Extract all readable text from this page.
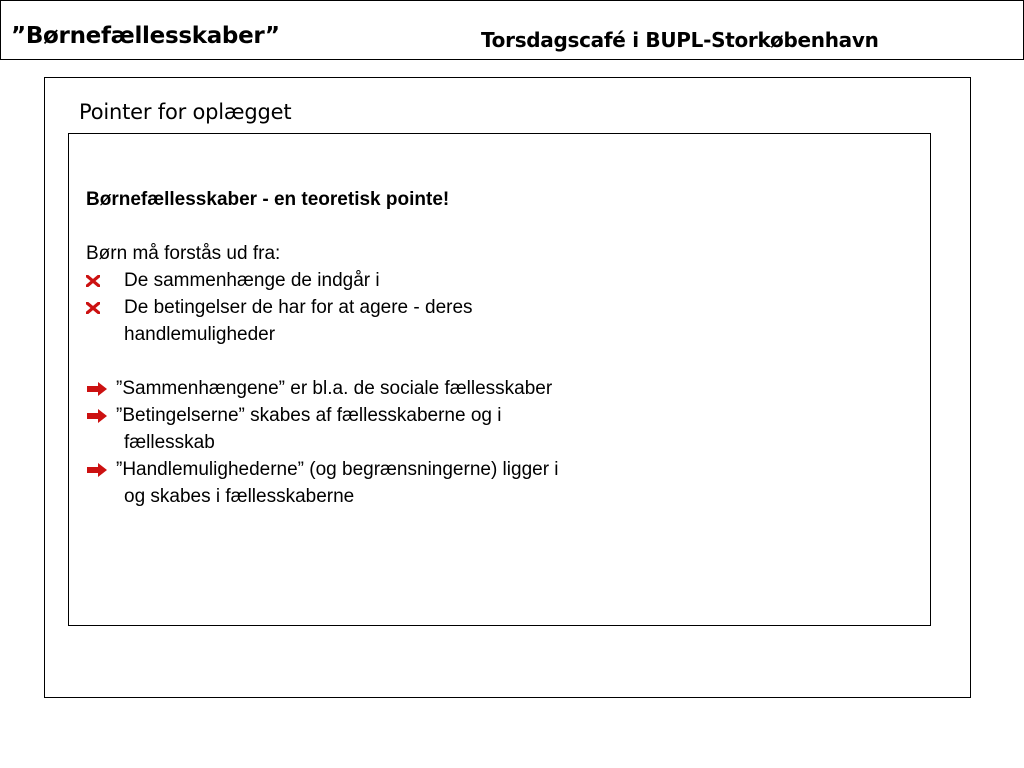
”Børnefællesskaber”	Torsdagscafé i BUPL-Storkøbenhavn
Pointer for oplægget
Børnefællesskaber - en teoretisk pointe!
Børn må forstås ud fra:
De sammenhænge de indgår i
De betingelser de har for at agere - deres
handlemuligheder
”Sammenhængene” er bl.a. de sociale fællesskaber
”Betingelserne” skabes af fællesskaberne og i
fællesskab
”Handlemulighederne” (og begrænsningerne) ligger i
og skabes i fællesskaberne
